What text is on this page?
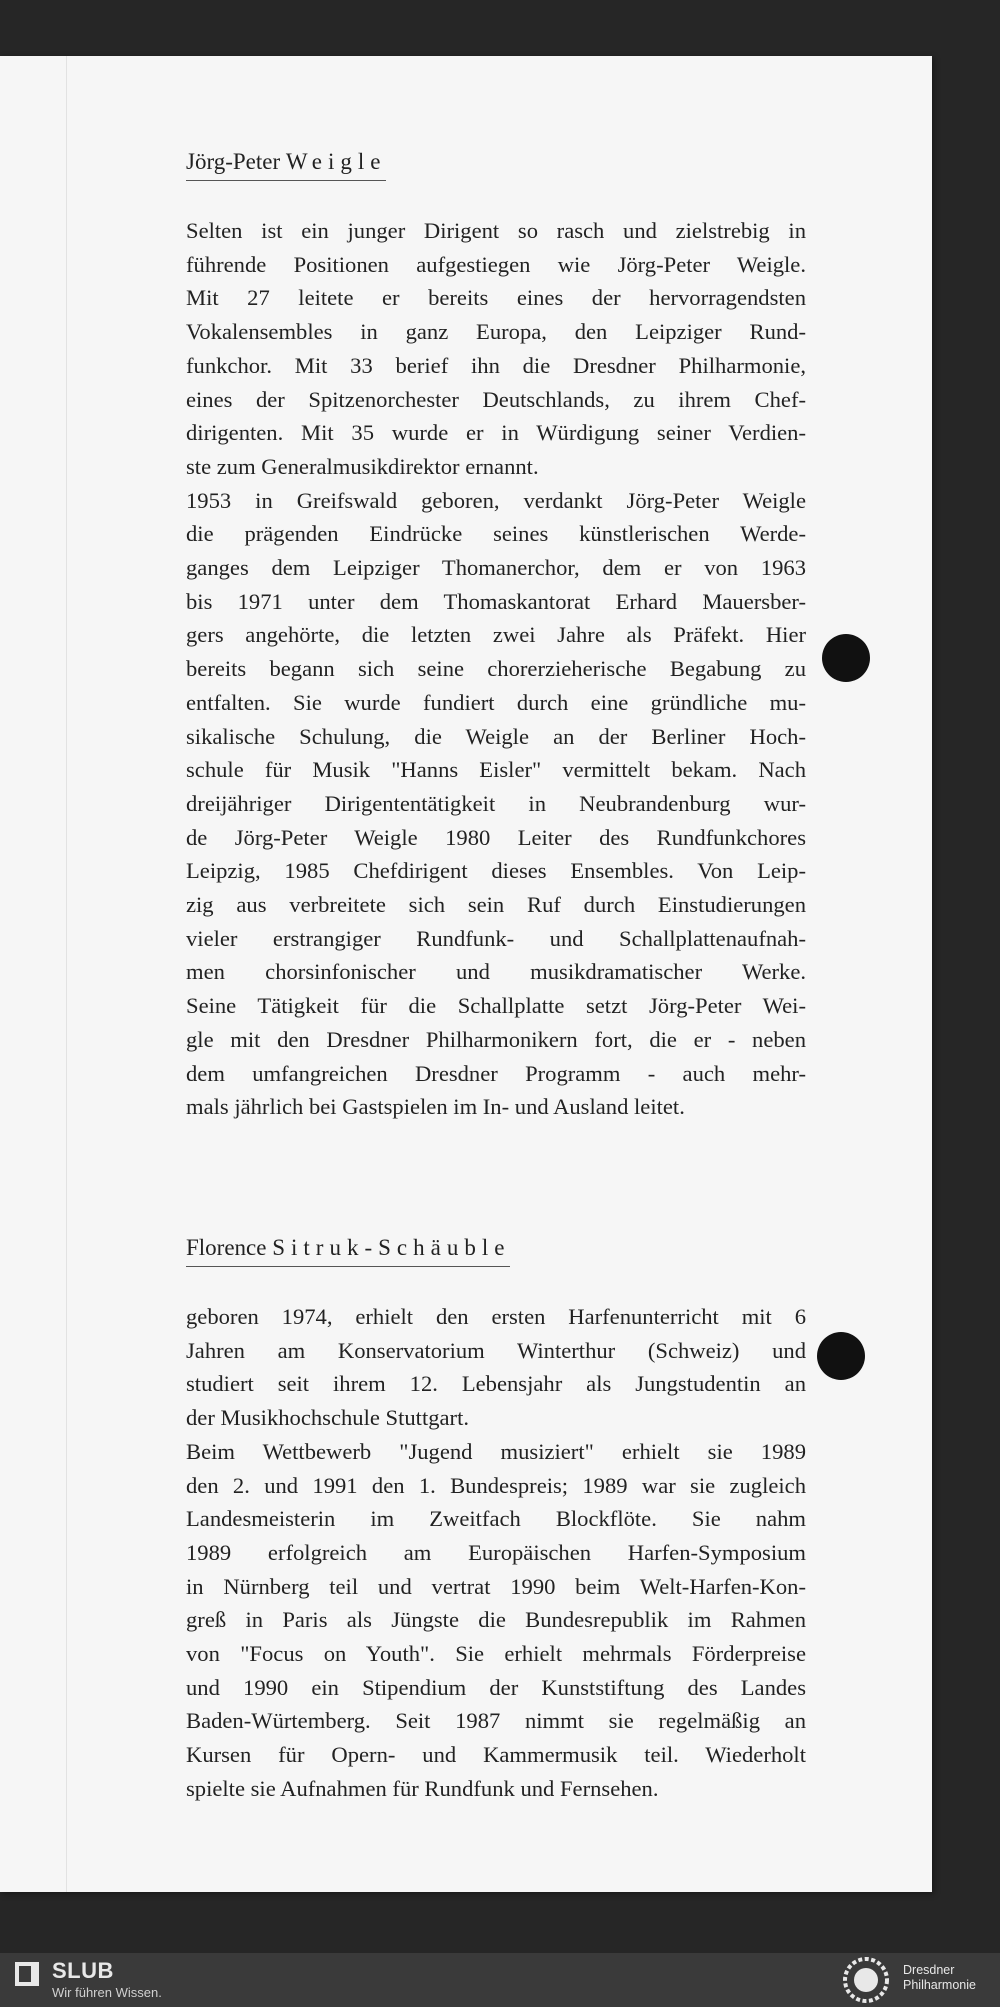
Jörg-Peter Weigle
Selten ist ein junger Dirigent so rasch und zielstrebig in
führende Positionen aufgestiegen wie Jörg-Peter Weigle.
Mit 27 leitete er bereits eines der hervorragendsten
Vokalensembles in ganz Europa, den Leipziger Rund-
funkchor. Mit 33 berief ihn die Dresdner Philharmonie,
eines der Spitzenorchester Deutschlands, zu ihrem Chef-
dirigenten. Mit 35 wurde er in Würdigung seiner Verdien-
ste zum Generalmusikdirektor ernannt.
1953 in Greifswald geboren, verdankt Jörg-Peter Weigle
die prägenden Eindrücke seines künstlerischen Werde-
ganges dem Leipziger Thomanerchor, dem er von 1963
bis 1971 unter dem Thomaskantorat Erhard Mauersber-
gers angehörte, die letzten zwei Jahre als Präfekt. Hier
bereits begann sich seine chorerzieherische Begabung zu
entfalten. Sie wurde fundiert durch eine gründliche mu-
sikalische Schulung, die Weigle an der Berliner Hoch-
schule für Musik "Hanns Eisler" vermittelt bekam. Nach
dreijähriger Dirigententätigkeit in Neubrandenburg wur-
de Jörg-Peter Weigle 1980 Leiter des Rundfunkchores
Leipzig, 1985 Chefdirigent dieses Ensembles. Von Leip-
zig aus verbreitete sich sein Ruf durch Einstudierungen
vieler erstrangiger Rundfunk- und Schallplattenaufnah-
men chorsinfonischer und musikdramatischer Werke.
Seine Tätigkeit für die Schallplatte setzt Jörg-Peter Wei-
gle mit den Dresdner Philharmonikern fort, die er - neben
dem umfangreichen Dresdner Programm - auch mehr-
mals jährlich bei Gastspielen im In- und Ausland leitet.
Florence Sitruk-Schäuble
geboren 1974, erhielt den ersten Harfenunterricht mit 6
Jahren am Konservatorium Winterthur (Schweiz) und
studiert seit ihrem 12. Lebensjahr als Jungstudentin an
der Musikhochschule Stuttgart.
Beim Wettbewerb "Jugend musiziert" erhielt sie 1989
den 2. und 1991 den 1. Bundespreis; 1989 war sie zugleich
Landesmeisterin im Zweitfach Blockflöte. Sie nahm
1989 erfolgreich am Europäischen Harfen-Symposium
in Nürnberg teil und vertrat 1990 beim Welt-Harfen-Kon-
greß in Paris als Jüngste die Bundesrepublik im Rahmen
von "Focus on Youth". Sie erhielt mehrmals Förderpreise
und 1990 ein Stipendium der Kunststiftung des Landes
Baden-Würtemberg. Seit 1987 nimmt sie regelmäßig an
Kursen für Opern- und Kammermusik teil. Wiederholt
spielte sie Aufnahmen für Rundfunk und Fernsehen.
SLUB
Wir führen Wissen.
Dresdner
Philharmonie
